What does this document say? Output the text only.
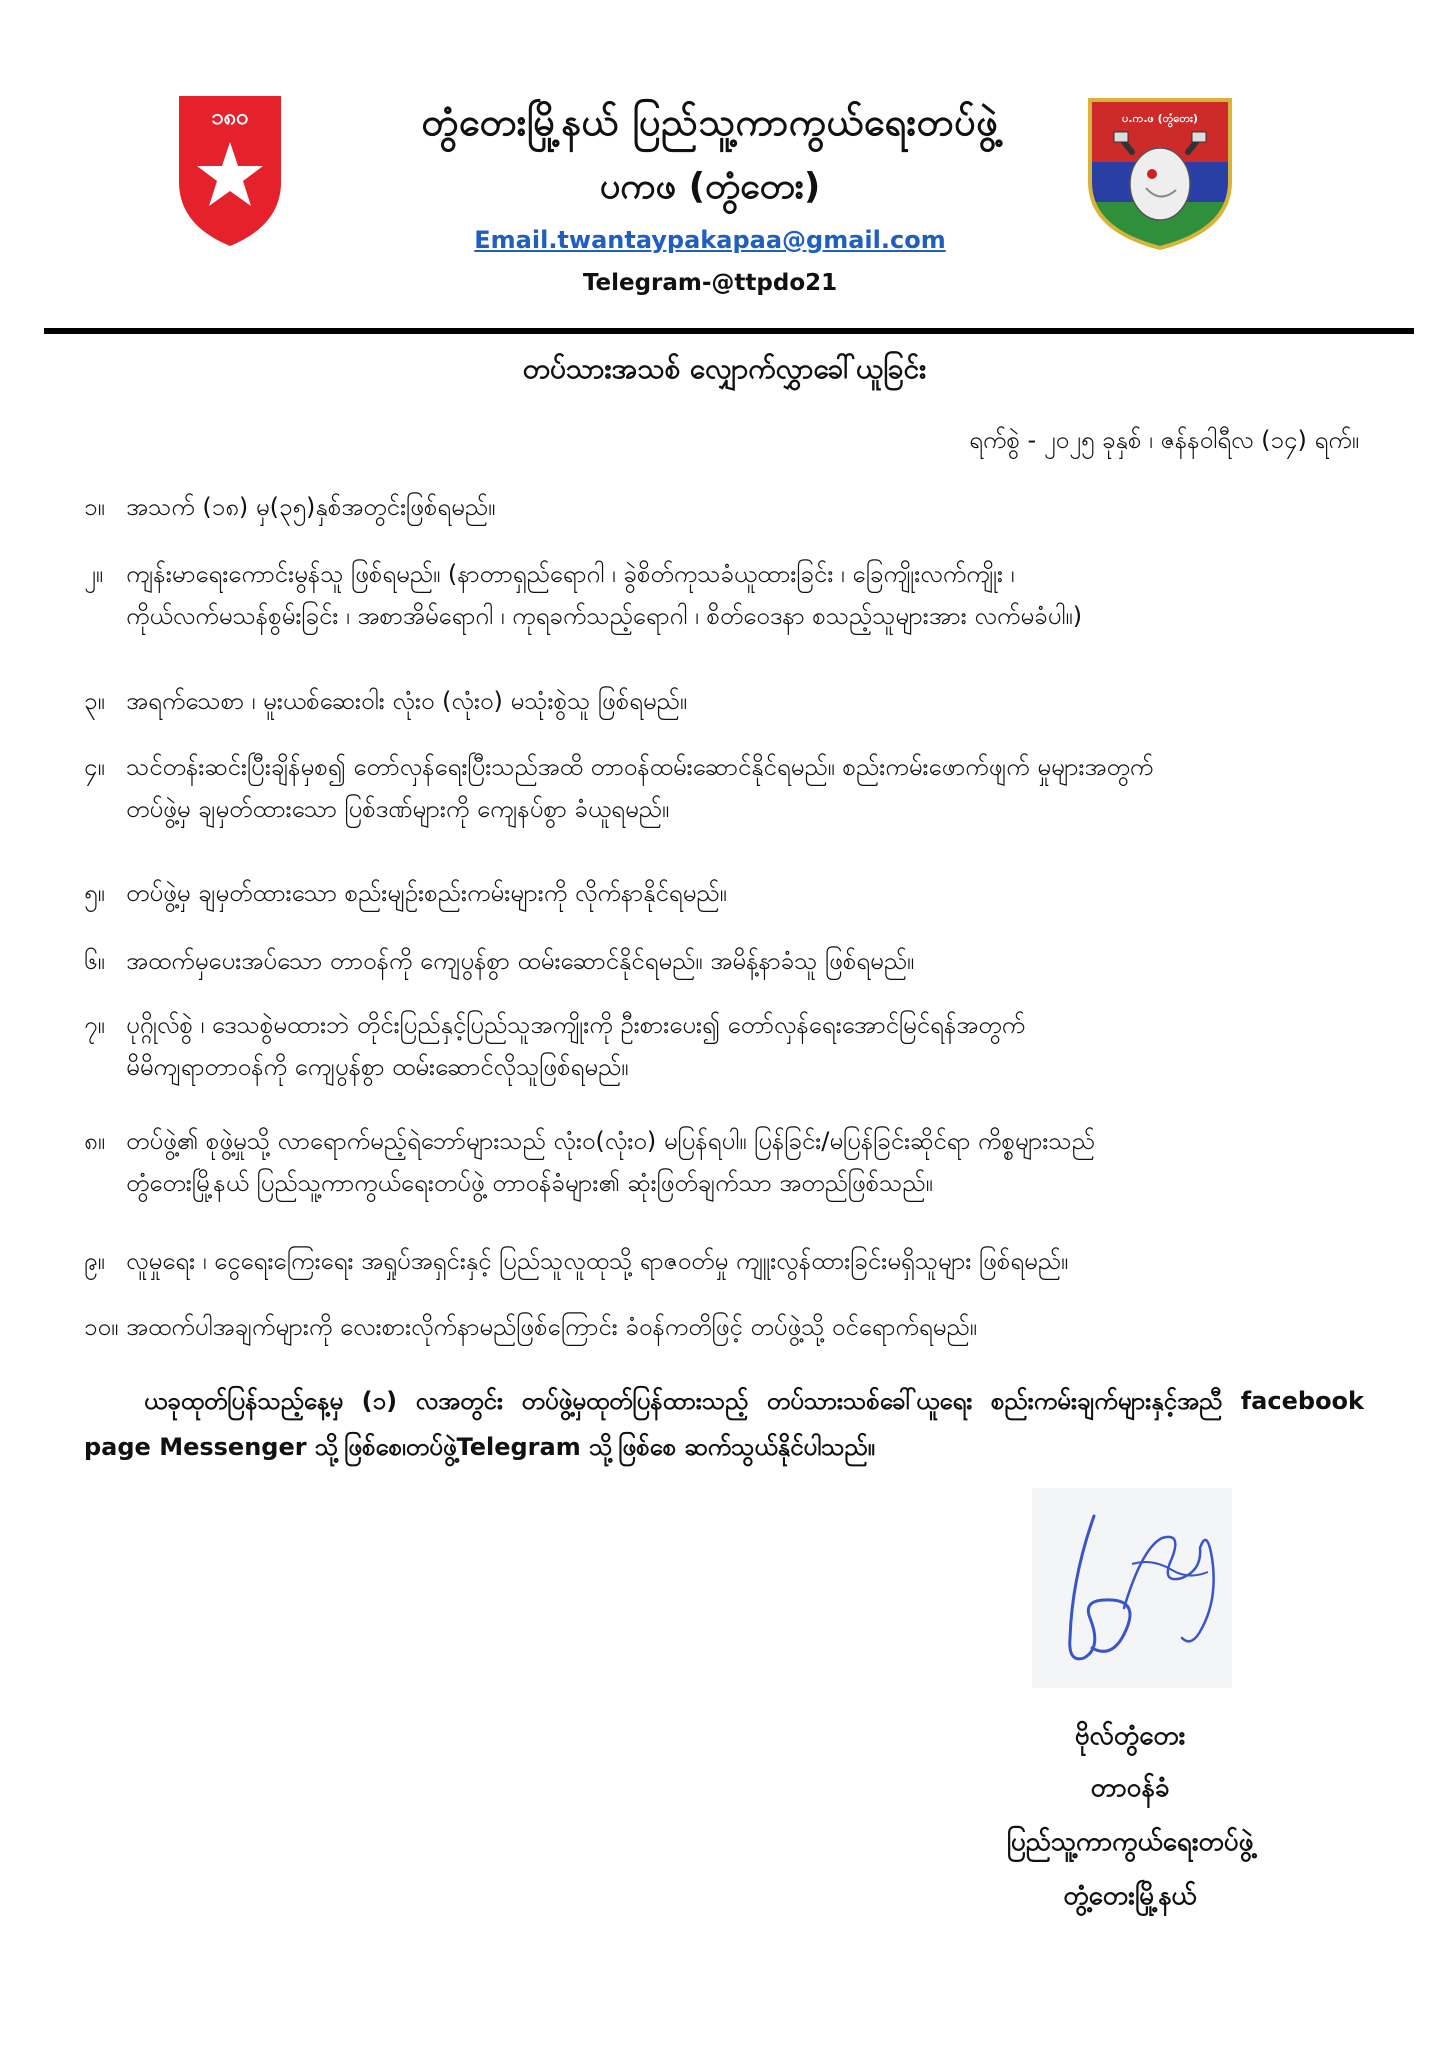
၁၈၀	ပ.က.ဖ (တွံတေး)
တွံတေးမြို့နယ် ပြည်သူ့ကာကွယ်ရေးတပ်ဖွဲ့
ပကဖ (တွံတေး)
Email.twantaypakapaa@gmail.com
Telegram-@ttpdo21
တပ်သားအသစ် လျှောက်လွှာခေါ်ယူခြင်း
ရက်စွဲ - ၂၀၂၅ ခုနှစ် ၊ ဇန်နဝါရီလ (၁၄) ရက်။
၁။ အသက် (၁၈) မှ(၃၅)နှစ်အတွင်းဖြစ်ရမည်။
၂။ ကျန်းမာရေးကောင်းမွန်သူ ဖြစ်ရမည်။ (နာတာရှည်ရောဂါ ၊ ခွဲစိတ်ကုသခံယူထားခြင်း ၊ ခြေကျိုးလက်ကျိုး ၊
ကိုယ်လက်မသန်စွမ်းခြင်း ၊ အစာအိမ်ရောဂါ ၊ ကုရခက်သည့်ရောဂါ ၊ စိတ်ဝေဒနာ စသည့်သူများအား လက်မခံပါ။)
၃။ အရက်သေစာ ၊ မူးယစ်ဆေးဝါး လုံးဝ (လုံးဝ) မသုံးစွဲသူ ဖြစ်ရမည်။
၄။ သင်တန်းဆင်းပြီးချိန်မှစ၍ တော်လှန်ရေးပြီးသည်အထိ တာဝန်ထမ်းဆောင်နိုင်ရမည်။ စည်းကမ်းဖောက်ဖျက် မှုများအတွက်
တပ်ဖွဲ့မှ ချမှတ်ထားသော ပြစ်ဒဏ်များကို ကျေနပ်စွာ ခံယူရမည်။
၅။ တပ်ဖွဲ့မှ ချမှတ်ထားသော စည်းမျဉ်းစည်းကမ်းများကို လိုက်နာနိုင်ရမည်။
၆။ အထက်မှပေးအပ်သော တာဝန်ကို ကျေပွန်စွာ ထမ်းဆောင်နိုင်ရမည်။ အမိန့်နာခံသူ ဖြစ်ရမည်။
၇။ ပုဂ္ဂိုလ်စွဲ ၊ ဒေသစွဲမထားဘဲ တိုင်းပြည်နှင့်ပြည်သူအကျိုးကို ဦးစားပေး၍ တော်လှန်ရေးအောင်မြင်ရန်အတွက်
မိမိကျရာတာဝန်ကို ကျေပွန်စွာ ထမ်းဆောင်လိုသူဖြစ်ရမည်။
၈။ တပ်ဖွဲ့၏ စုဖွဲ့မှုသို့ လာရောက်မည့်ရဲဘော်များသည် လုံးဝ(လုံးဝ) မပြန်ရပါ။ ပြန်ခြင်း/မပြန်ခြင်းဆိုင်ရာ ကိစ္စများသည်
တွံတေးမြို့နယ် ပြည်သူ့ကာကွယ်ရေးတပ်ဖွဲ့ တာဝန်ခံများ၏ ဆုံးဖြတ်ချက်သာ အတည်ဖြစ်သည်။
၉။ လူမှုရေး ၊ ငွေရေးကြေးရေး အရှုပ်အရှင်းနှင့် ပြည်သူလူထုသို့ ရာဇဝတ်မှု ကျူးလွန်ထားခြင်းမရှိသူများ ဖြစ်ရမည်။
၁၀။ အထက်ပါအချက်များကို လေးစားလိုက်နာမည်ဖြစ်ကြောင်း ခံဝန်ကတိဖြင့် တပ်ဖွဲ့သို့ ဝင်ရောက်ရမည်။
ယခုထုတ်ပြန်သည့်နေ့မှ (၁) လအတွင်း တပ်ဖွဲ့မှထုတ်ပြန်ထားသည့် တပ်သားသစ်ခေါ်ယူရေး စည်းကမ်းချက်များနှင့်အညီ facebook page Messenger သို့ဖြစ်စေ၊တပ်ဖွဲ့Telegram သို့ဖြစ်စေ ဆက်သွယ်နိုင်ပါသည်။
ဗိုလ်တွံတေး
တာဝန်ခံ
ပြည်သူ့ကာကွယ်ရေးတပ်ဖွဲ့
တွံ့တေးမြို့နယ်
